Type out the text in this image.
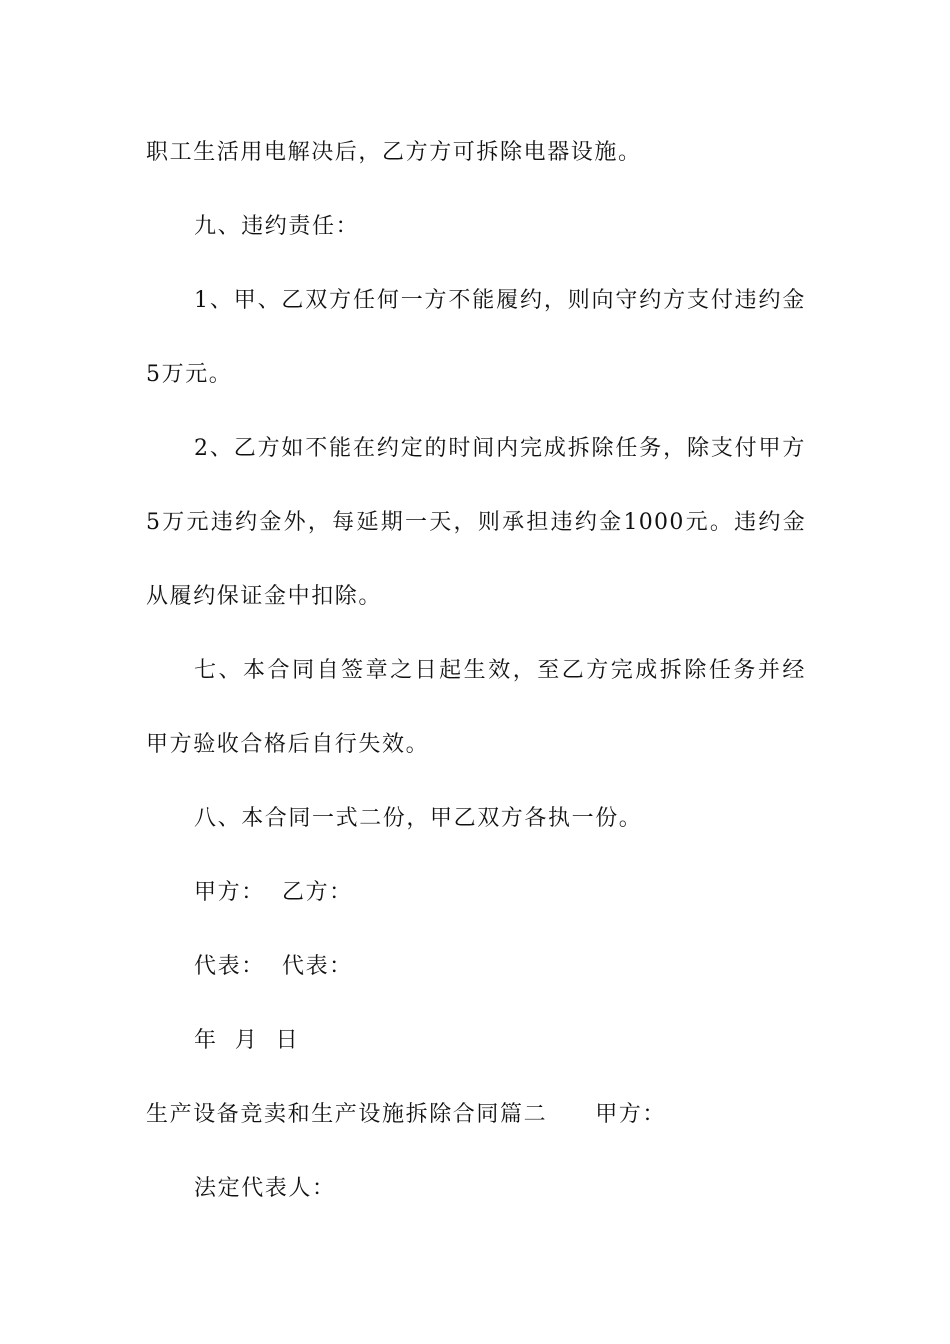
职工生活用电解决后，乙方方可拆除电器设施。
九、违约责任：
1、甲、乙双方任何一方不能履约，则向守约方支付违约金
5万元。
2、乙方如不能在约定的时间内完成拆除任务，除支付甲方
5万元违约金外，每延期一天，则承担违约金1000元。违约金
从履约保证金中扣除。
七、本合同自签章之日起生效，至乙方完成拆除任务并经
甲方验收合格后自行失效。
八、本合同一式二份，甲乙双方各执一份。
甲方：  乙方：
代表：  代表：
年  月  日
生产设备竞卖和生产设施拆除合同篇二 甲方：
法定代表人：
